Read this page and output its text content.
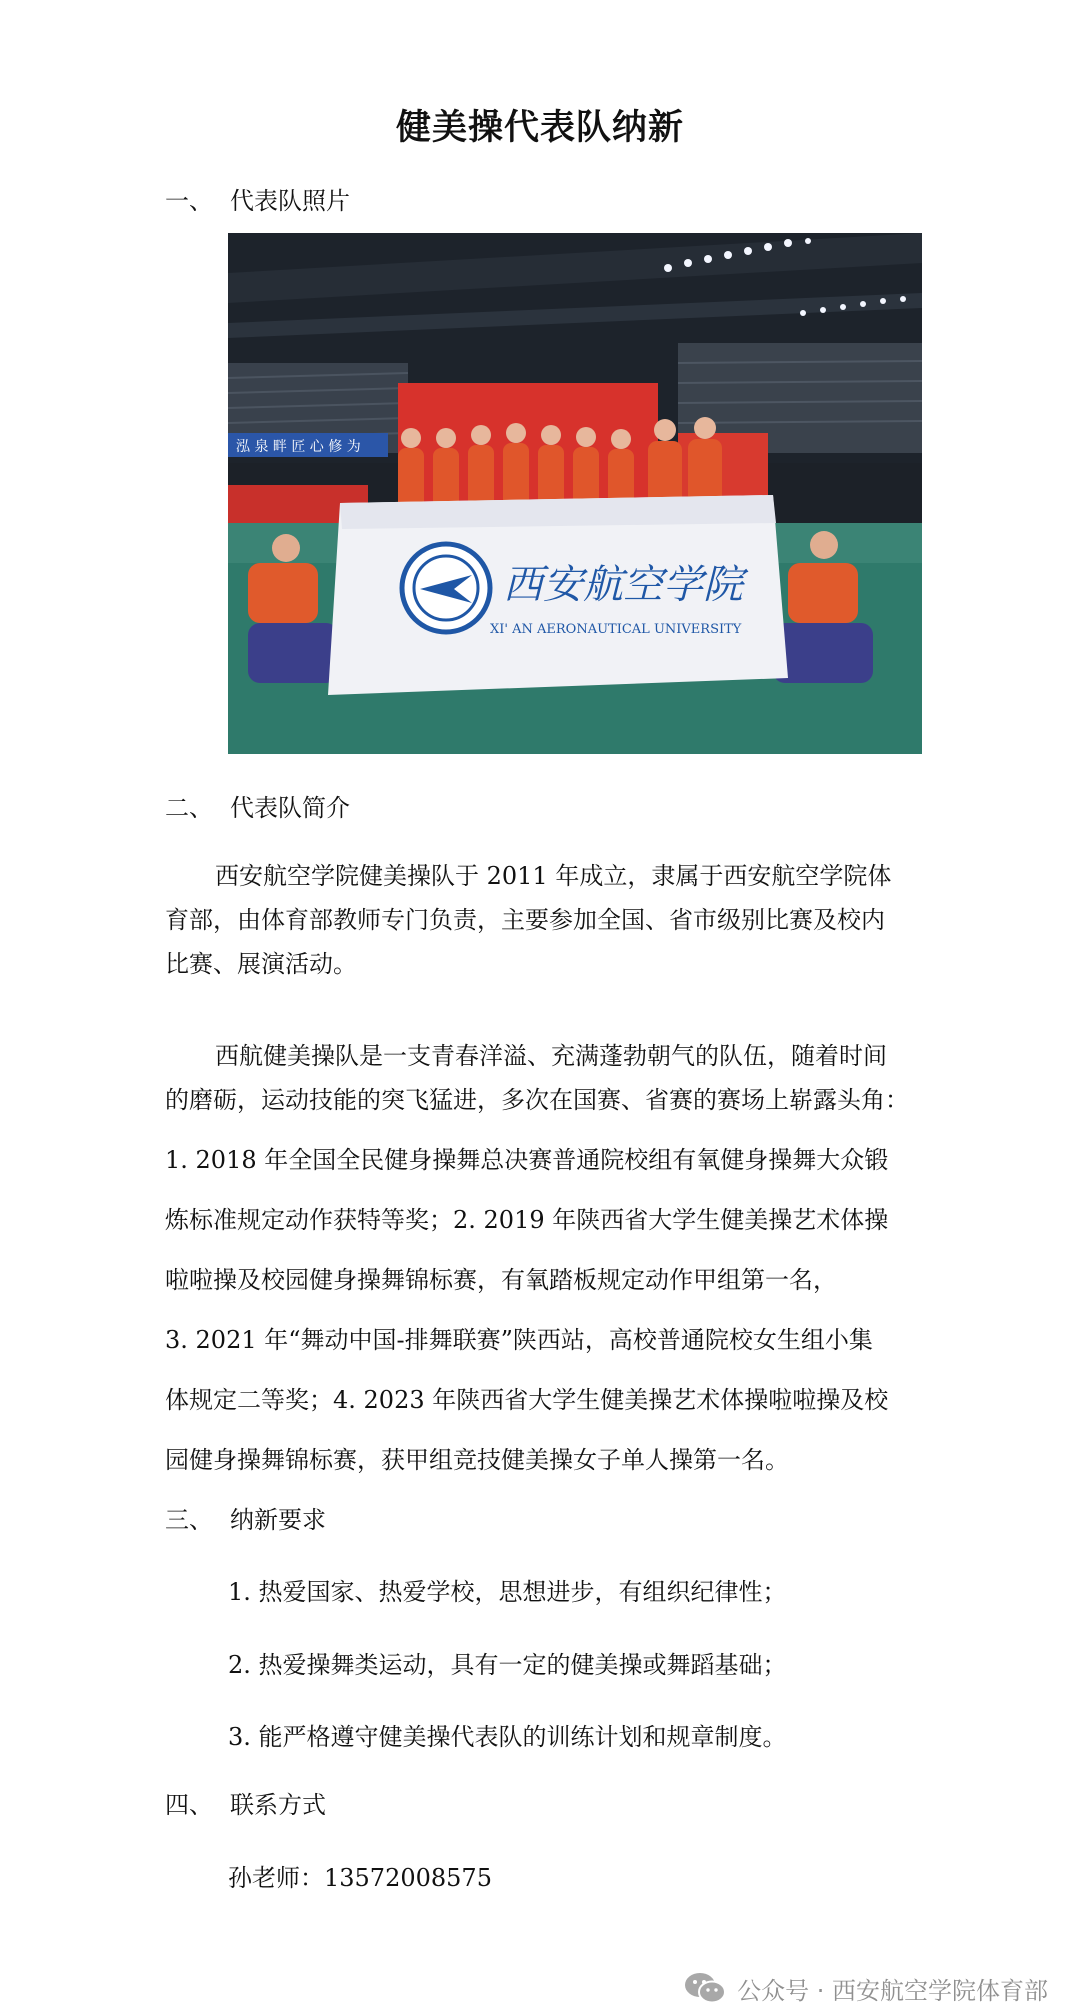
健美操代表队纳新
一、 代表队照片
泓 泉 畔 匠 心 修 为
西安航空学院
XI' AN AERONAUTICAL UNIVERSITY
二、 代表队简介

西安航空学院健美操队于 2011 年成立，隶属于西安航空学院体
育部，由体育部教师专门负责，主要参加全国、省市级别比赛及校内
比赛、展演活动。

西航健美操队是一支青春洋溢、充满蓬勃朝气的队伍，随着时间
的磨砺，运动技能的突飞猛进，多次在国赛、省赛的赛场上崭露头角：
1. 2018 年全国全民健身操舞总决赛普通院校组有氧健身操舞大众锻
炼标准规定动作获特等奖；2. 2019 年陕西省大学生健美操艺术体操
啦啦操及校园健身操舞锦标赛，有氧踏板规定动作甲组第一名，
3. 2021 年“舞动中国-排舞联赛”陕西站，高校普通院校女生组小集
体规定二等奖；4. 2023 年陕西省大学生健美操艺术体操啦啦操及校
园健身操舞锦标赛，获甲组竞技健美操女子单人操第一名。

三、 纳新要求
1. 热爱国家、热爱学校，思想进步，有组织纪律性；
2. 热爱操舞类运动，具有一定的健美操或舞蹈基础；
3. 能严格遵守健美操代表队的训练计划和规章制度。
四、 联系方式
孙老师：13572008575
公众号 · 西安航空学院体育部
